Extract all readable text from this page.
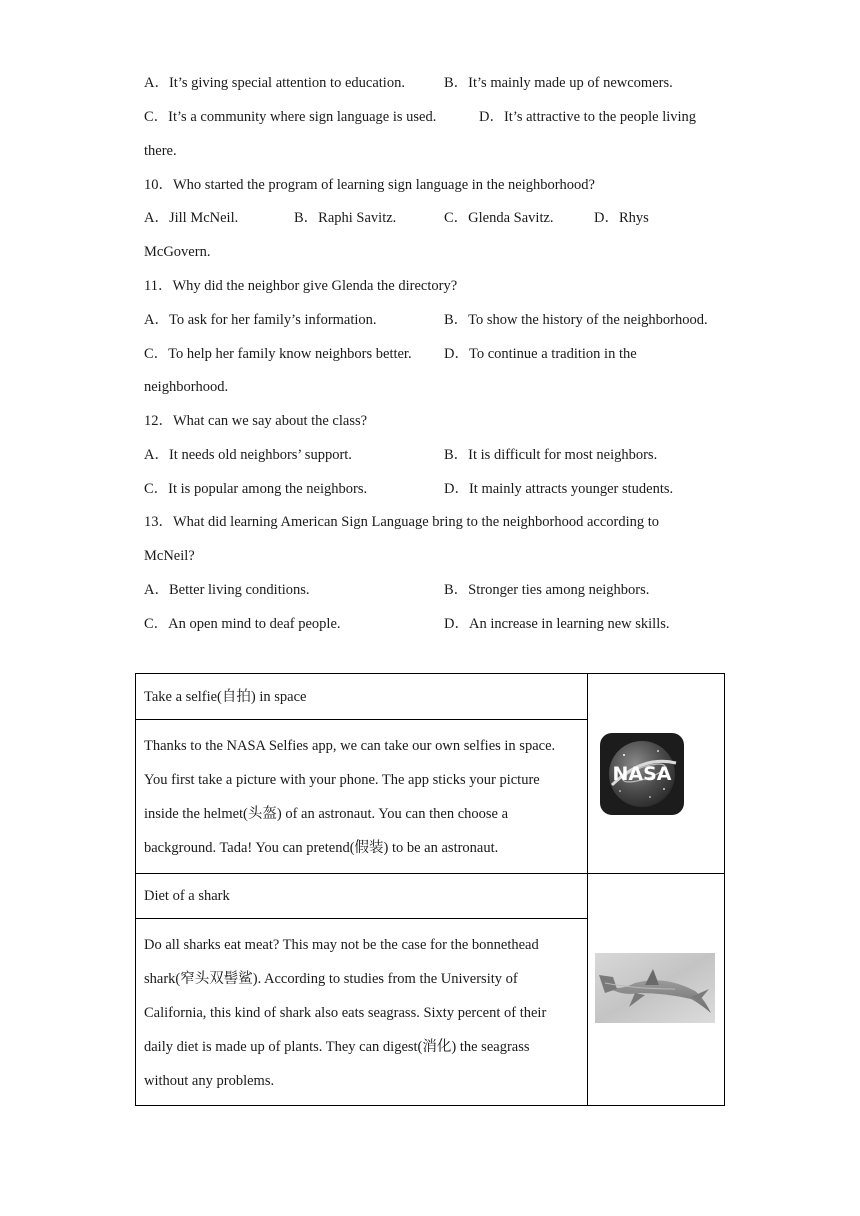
A．It’s giving special attention to education.	B．It’s mainly made up of newcomers.
C．It’s a community where sign language is used.	D．It’s attractive to the people living
there.
10．Who started the program of learning sign language in the neighborhood?
A．Jill McNeil.	B．Raphi Savitz.	C．Glenda Savitz.	D．Rhys
McGovern.
11．Why did the neighbor give Glenda the directory?
A．To ask for her family’s information.	B．To show the history of the neighborhood.
C．To help her family know neighbors better. D．To continue a tradition in the
neighborhood.
12．What can we say about the class?
A．It needs old neighbors’ support.	B．It is difficult for most neighbors.
C．It is popular among the neighbors.	D．It mainly attracts younger students.
13．What did learning American Sign Language bring to the neighborhood according to
McNeil?
A．Better living conditions.	B．Stronger ties among neighbors.
C．An open mind to deaf people.	D．An increase in learning new skills.
Take a selfie(自拍) in space
Thanks to the NASA Selfies app, we can take our own selfies in space.
You first take a picture with your phone. The app sticks your picture
inside the helmet(头盔) of an astronaut. You can then choose a
background. Tada! You can pretend(假装) to be an astronaut.
NASA
Diet of a shark
Do all sharks eat meat? This may not be the case for the bonnethead
shark(窄头双髻鲨). According to studies from the University of
California, this kind of shark also eats seagrass. Sixty percent of their
daily diet is made up of plants. They can digest(消化) the seagrass
without any problems.
